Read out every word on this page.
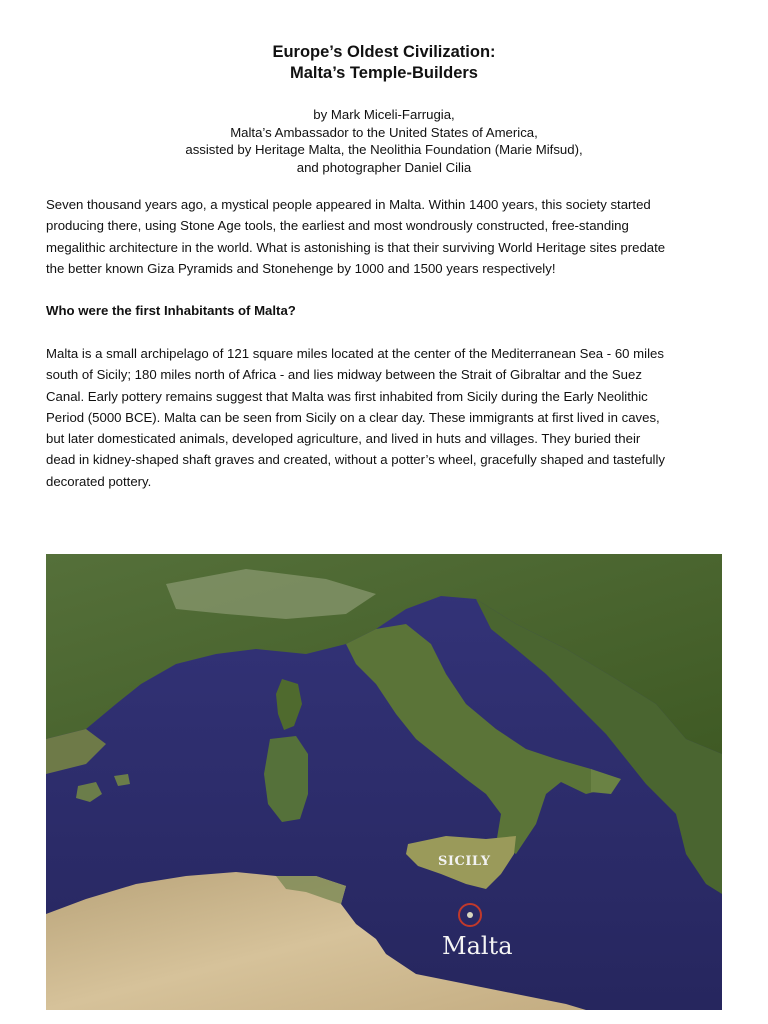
Europe’s Oldest Civilization:
Malta’s Temple-Builders
by Mark Miceli-Farrugia,
Malta’s Ambassador to the United States of America,
assisted by Heritage Malta, the Neolithia Foundation (Marie Mifsud),
and photographer Daniel Cilia
Seven thousand years ago, a mystical people appeared in Malta. Within 1400 years, this society started
producing there, using Stone Age tools, the earliest and most wondrously constructed, free-standing
megalithic architecture in the world. What is astonishing is that their surviving World Heritage sites predate
the better known Giza Pyramids and Stonehenge by 1000 and 1500 years respectively!
Who were the first Inhabitants of Malta?
Malta is a small archipelago of 121 square miles located at the center of the Mediterranean Sea - 60 miles
south of Sicily; 180 miles north of Africa - and lies midway between the Strait of Gibraltar and the Suez
Canal. Early pottery remains suggest that Malta was first inhabited from Sicily during the Early Neolithic
Period (5000 BCE). Malta can be seen from Sicily on a clear day. These immigrants at first lived in caves,
but later domesticated animals, developed agriculture, and lived in huts and villages. They buried their
dead in kidney-shaped shaft graves and created, without a potter’s wheel, gracefully shaped and tastefully
decorated pottery.
SICILY
Malta
